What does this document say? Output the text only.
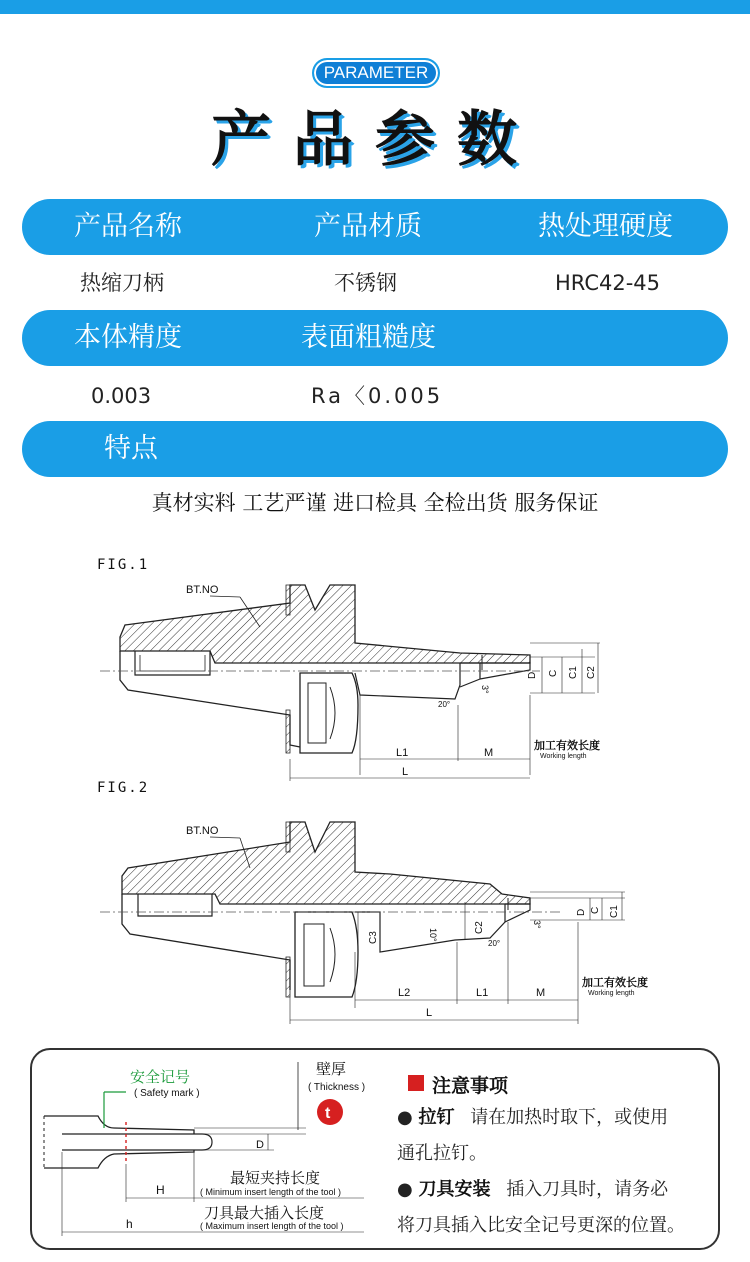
PARAMETER
产品参数
产品名称	产品材质	热处理硬度
热缩刀柄	不锈钢	HRC42-45
本体精度	表面粗糙度
0.003	Ra〈0.005
特点
真材实料 工艺严谨 进口检具 全检出货 服务保证
FIG.1
BT.NO
D C C1 C2
3°
20°
L1	M
L
加工有效长度
Working length
FIG.2
BT.NO
D C C1
C2
C3	10°
3°
20°
L2	L1	M
L
加工有效长度
Working length
安全记号
( Safety mark )
壁厚
( Thickness )
t
D
H
最短夹持长度
( Minimum insert length of the tool )
h
刀具最大插入长度
( Maximum insert length of the tool )
注意事项
● 拉钉 请在加热时取下，或使用
通孔拉钉。
● 刀具安装 插入刀具时，请务必
将刀具插入比安全记号更深的位置。
